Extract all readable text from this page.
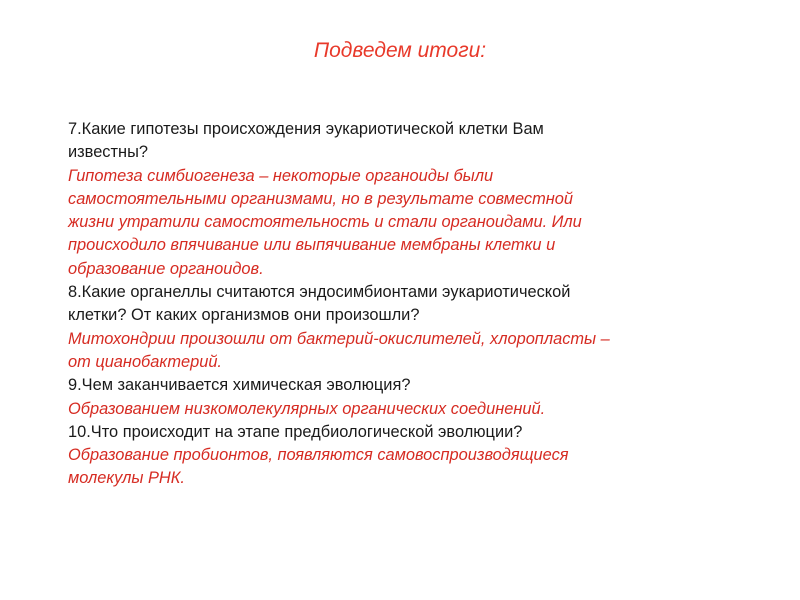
Подведем итоги:
7.Какие гипотезы происхождения эукариотической клетки Вам
известны?
Гипотеза симбиогенеза – некоторые органоиды были
самостоятельными организмами, но в результате совместной
жизни утратили самостоятельность и стали органоидами. Или
происходило впячивание или выпячивание мембраны клетки и
образование органоидов.
8.Какие органеллы считаются эндосимбионтами эукариотической
клетки? От каких организмов они произошли?
Митохондрии произошли от бактерий-окислителей, хлоропласты –
от цианобактерий.
9.Чем заканчивается химическая эволюция?
Образованием низкомолекулярных органических соединений.
10.Что происходит на этапе предбиологической эволюции?
Образование пробионтов, появляются самовоспроизводящиеся
молекулы РНК.
